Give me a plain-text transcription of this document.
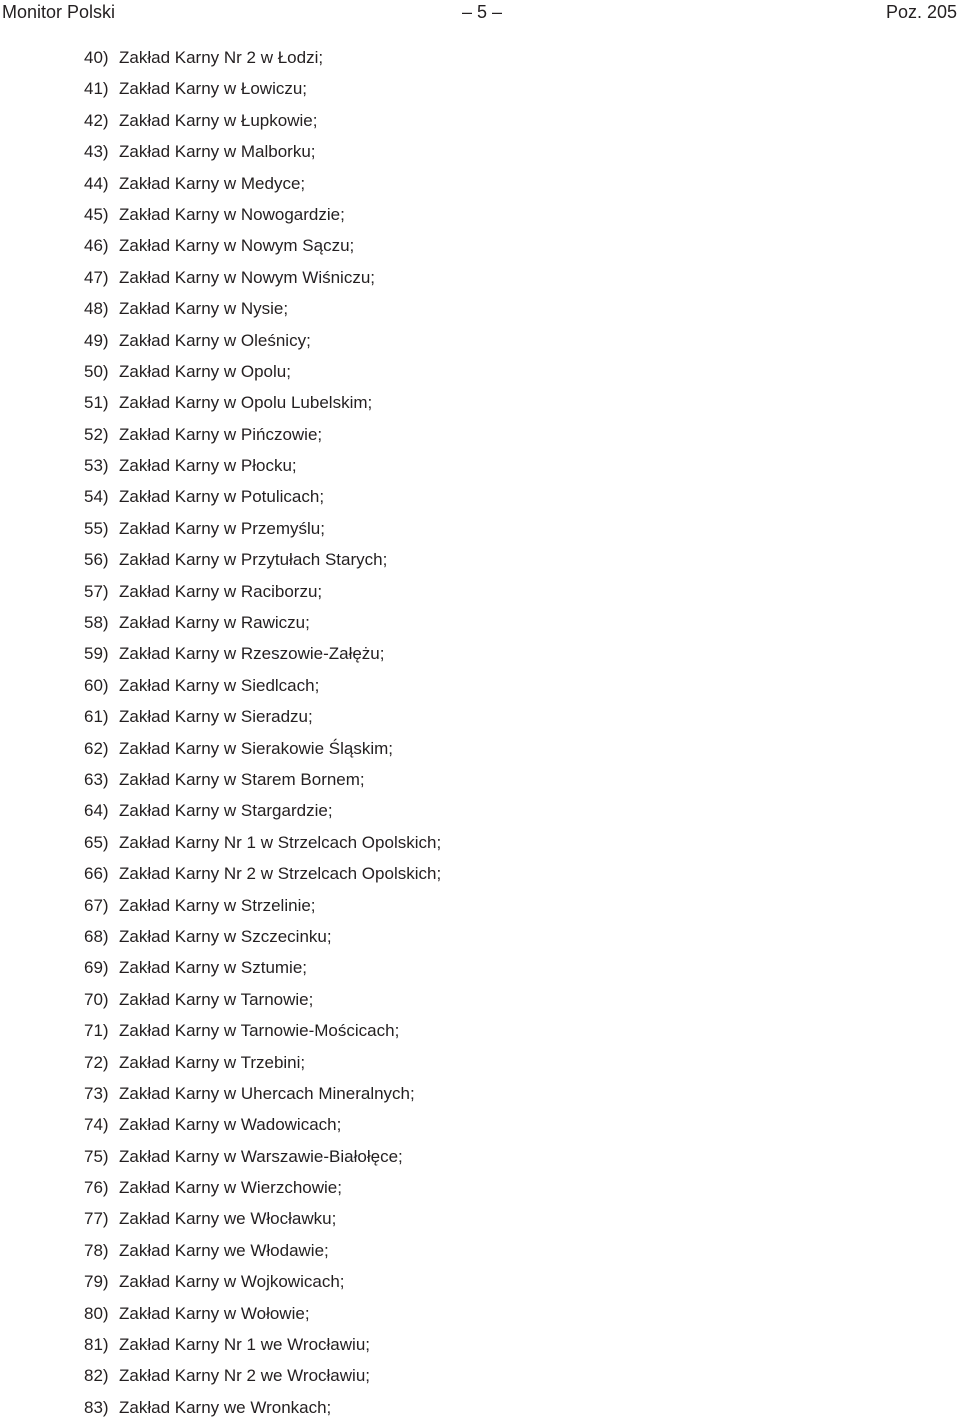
Monitor Polski	– 5 –	Poz. 205
40) Zakład Karny Nr 2 w Łodzi;
41) Zakład Karny w Łowiczu;
42) Zakład Karny w Łupkowie;
43) Zakład Karny w Malborku;
44) Zakład Karny w Medyce;
45) Zakład Karny w Nowogardzie;
46) Zakład Karny w Nowym Sączu;
47) Zakład Karny w Nowym Wiśniczu;
48) Zakład Karny w Nysie;
49) Zakład Karny w Oleśnicy;
50) Zakład Karny w Opolu;
51) Zakład Karny w Opolu Lubelskim;
52) Zakład Karny w Pińczowie;
53) Zakład Karny w Płocku;
54) Zakład Karny w Potulicach;
55) Zakład Karny w Przemyślu;
56) Zakład Karny w Przytułach Starych;
57) Zakład Karny w Raciborzu;
58) Zakład Karny w Rawiczu;
59) Zakład Karny w Rzeszowie-Załężu;
60) Zakład Karny w Siedlcach;
61) Zakład Karny w Sieradzu;
62) Zakład Karny w Sierakowie Śląskim;
63) Zakład Karny w Starem Bornem;
64) Zakład Karny w Stargardzie;
65) Zakład Karny Nr 1 w Strzelcach Opolskich;
66) Zakład Karny Nr 2 w Strzelcach Opolskich;
67) Zakład Karny w Strzelinie;
68) Zakład Karny w Szczecinku;
69) Zakład Karny w Sztumie;
70) Zakład Karny w Tarnowie;
71) Zakład Karny w Tarnowie-Mościcach;
72) Zakład Karny w Trzebini;
73) Zakład Karny w Uhercach Mineralnych;
74) Zakład Karny w Wadowicach;
75) Zakład Karny w Warszawie-Białołęce;
76) Zakład Karny w Wierzchowie;
77) Zakład Karny we Włocławku;
78) Zakład Karny we Włodawie;
79) Zakład Karny w Wojkowicach;
80) Zakład Karny w Wołowie;
81) Zakład Karny Nr 1 we Wrocławiu;
82) Zakład Karny Nr 2 we Wrocławiu;
83) Zakład Karny we Wronkach;
